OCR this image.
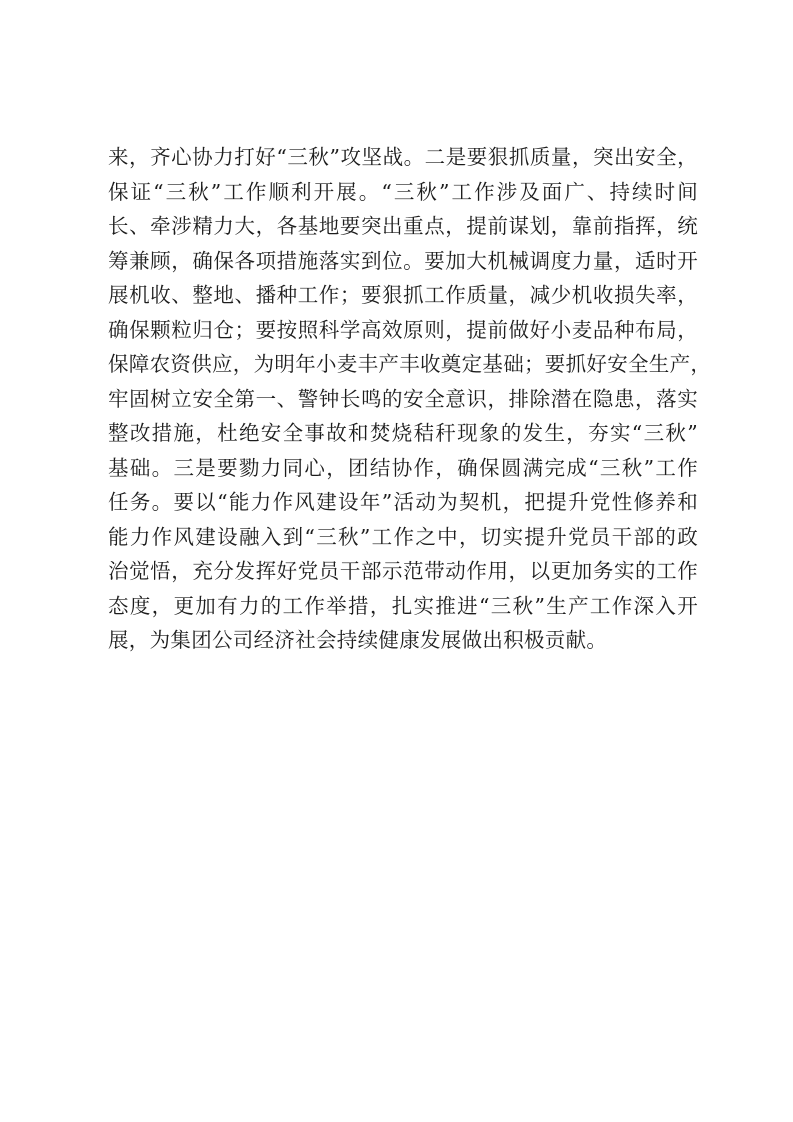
来，齐心协力打好“三秋”攻坚战。二是要狠抓质量，突出安全，
保证“三秋”工作顺利开展。“三秋”工作涉及面广、持续时间
长、牵涉精力大，各基地要突出重点，提前谋划，靠前指挥，统
筹兼顾，确保各项措施落实到位。要加大机械调度力量，适时开
展机收、整地、播种工作；要狠抓工作质量，减少机收损失率，
确保颗粒归仓；要按照科学高效原则，提前做好小麦品种布局，
保障农资供应，为明年小麦丰产丰收奠定基础；要抓好安全生产，
牢固树立安全第一、警钟长鸣的安全意识，排除潜在隐患，落实
整改措施，杜绝安全事故和焚烧秸秆现象的发生，夯实“三秋”
基础。三是要勠力同心，团结协作，确保圆满完成“三秋”工作
任务。要以“能力作风建设年”活动为契机，把提升党性修养和
能力作风建设融入到“三秋”工作之中，切实提升党员干部的政
治觉悟，充分发挥好党员干部示范带动作用，以更加务实的工作
态度，更加有力的工作举措，扎实推进“三秋”生产工作深入开
展，为集团公司经济社会持续健康发展做出积极贡献。
